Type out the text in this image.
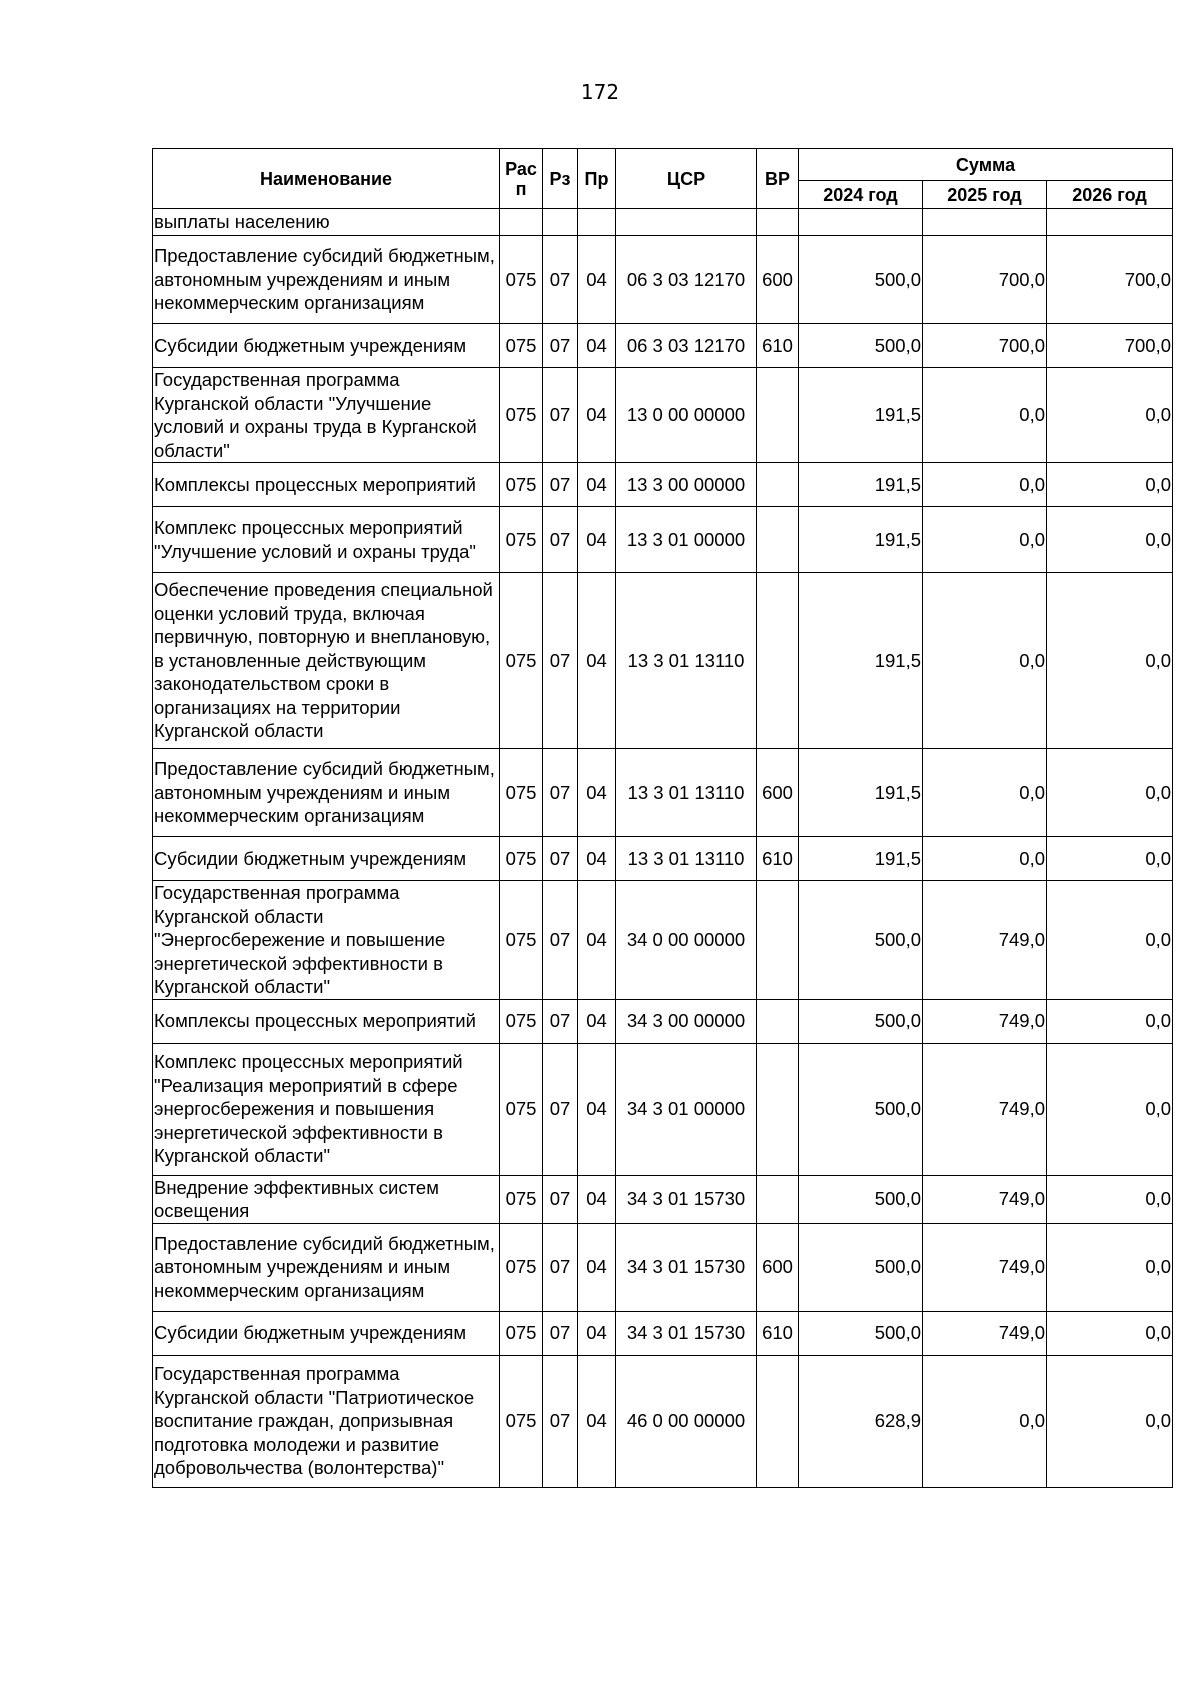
172
Наименование	Рас п	Рз	Пр	ЦСР	ВР	Сумма		
						2024 год	2025 год	2026 год
выплаты населению								
Предоставление субсидий бюджетным, автономным учреждениям и иным некоммерческим организациям	075	07	04	06 3 03 12170	600	500,0	700,0	700,0
Субсидии бюджетным учреждениям	075	07	04	06 3 03 12170	610	500,0	700,0	700,0
Государственная программа Курганской области "Улучшение условий и охраны труда в Курганской области"	075	07	04	13 0 00 00000		191,5	0,0	0,0
Комплексы процессных мероприятий	075	07	04	13 3 00 00000		191,5	0,0	0,0
Комплекс процессных мероприятий "Улучшение условий и охраны труда"	075	07	04	13 3 01 00000		191,5	0,0	0,0
Обеспечение проведения специальной оценки условий труда, включая первичную, повторную и внеплановую, в установленные действующим законодательством сроки в организациях на территории Курганской области	075	07	04	13 3 01 13110		191,5	0,0	0,0
Предоставление субсидий бюджетным, автономным учреждениям и иным некоммерческим организациям	075	07	04	13 3 01 13110	600	191,5	0,0	0,0
Субсидии бюджетным учреждениям	075	07	04	13 3 01 13110	610	191,5	0,0	0,0
Государственная программа Курганской области "Энергосбережение и повышение энергетической эффективности в Курганской области"	075	07	04	34 0 00 00000		500,0	749,0	0,0
Комплексы процессных мероприятий	075	07	04	34 3 00 00000		500,0	749,0	0,0
Комплекс процессных мероприятий "Реализация мероприятий в сфере энергосбережения и повышения энергетической эффективности в Курганской области"	075	07	04	34 3 01 00000		500,0	749,0	0,0
Внедрение эффективных систем освещения	075	07	04	34 3 01 15730		500,0	749,0	0,0
Предоставление субсидий бюджетным, автономным учреждениям и иным некоммерческим организациям	075	07	04	34 3 01 15730	600	500,0	749,0	0,0
Субсидии бюджетным учреждениям	075	07	04	34 3 01 15730	610	500,0	749,0	0,0
Государственная программа Курганской области "Патриотическое воспитание граждан, допризывная подготовка молодежи и развитие добровольчества (волонтерства)"	075	07	04	46 0 00 00000		628,9	0,0	0,0
